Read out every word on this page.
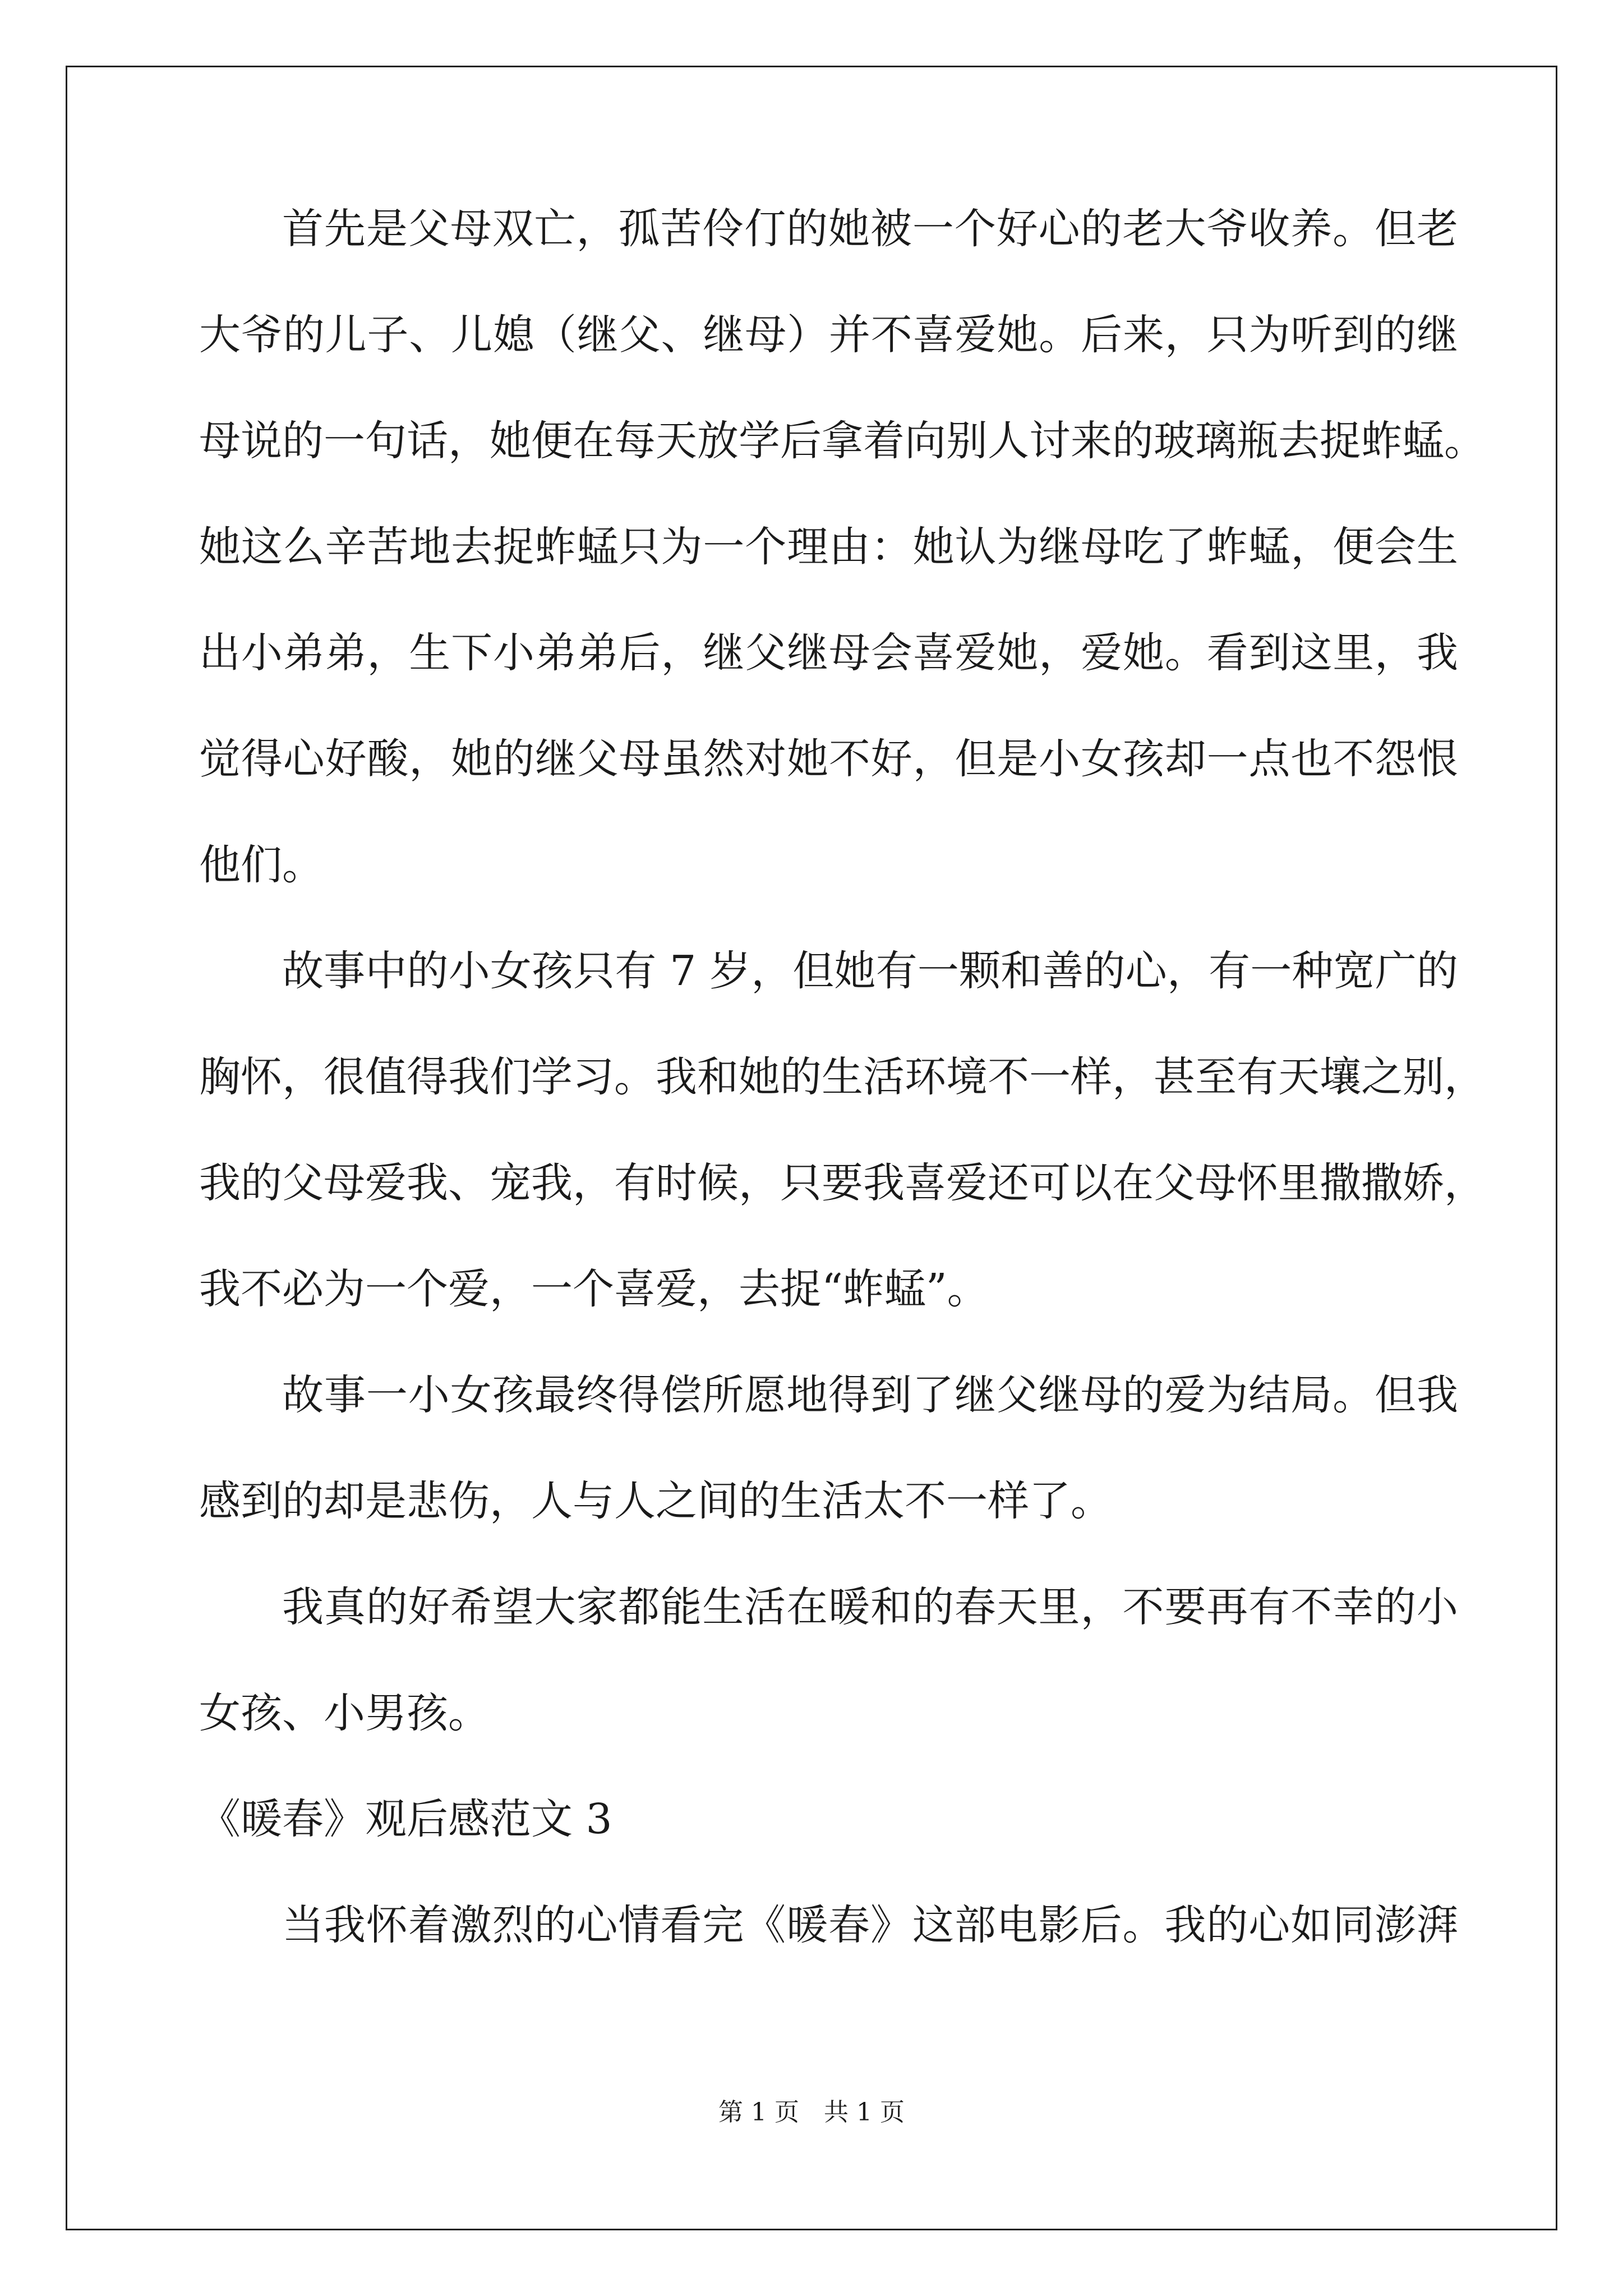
首先是父母双亡，孤苦伶仃的她被一个好心的老大爷收养。但老
大爷的儿子、儿媳（继父、继母）并不喜爱她。后来，只为听到的继
母说的一句话，她便在每天放学后拿着向别人讨来的玻璃瓶去捉蚱蜢。
她这么辛苦地去捉蚱蜢只为一个理由：她认为继母吃了蚱蜢，便会生
出小弟弟，生下小弟弟后，继父继母会喜爱她，爱她。看到这里，我
觉得心好酸，她的继父母虽然对她不好，但是小女孩却一点也不怨恨
他们。
故事中的小女孩只有 7 岁，但她有一颗和善的心，有一种宽广的
胸怀，很值得我们学习。我和她的生活环境不一样，甚至有天壤之别，
我的父母爱我、宠我，有时候，只要我喜爱还可以在父母怀里撒撒娇，
我不必为一个爱，一个喜爱，去捉“蚱蜢”。
故事一小女孩最终得偿所愿地得到了继父继母的爱为结局。但我
感到的却是悲伤，人与人之间的生活太不一样了。
我真的好希望大家都能生活在暖和的春天里，不要再有不幸的小
女孩、小男孩。
《暖春》观后感范文 3
当我怀着激烈的心情看完《暖春》这部电影后。我的心如同澎湃
第 1 页　共 1 页
